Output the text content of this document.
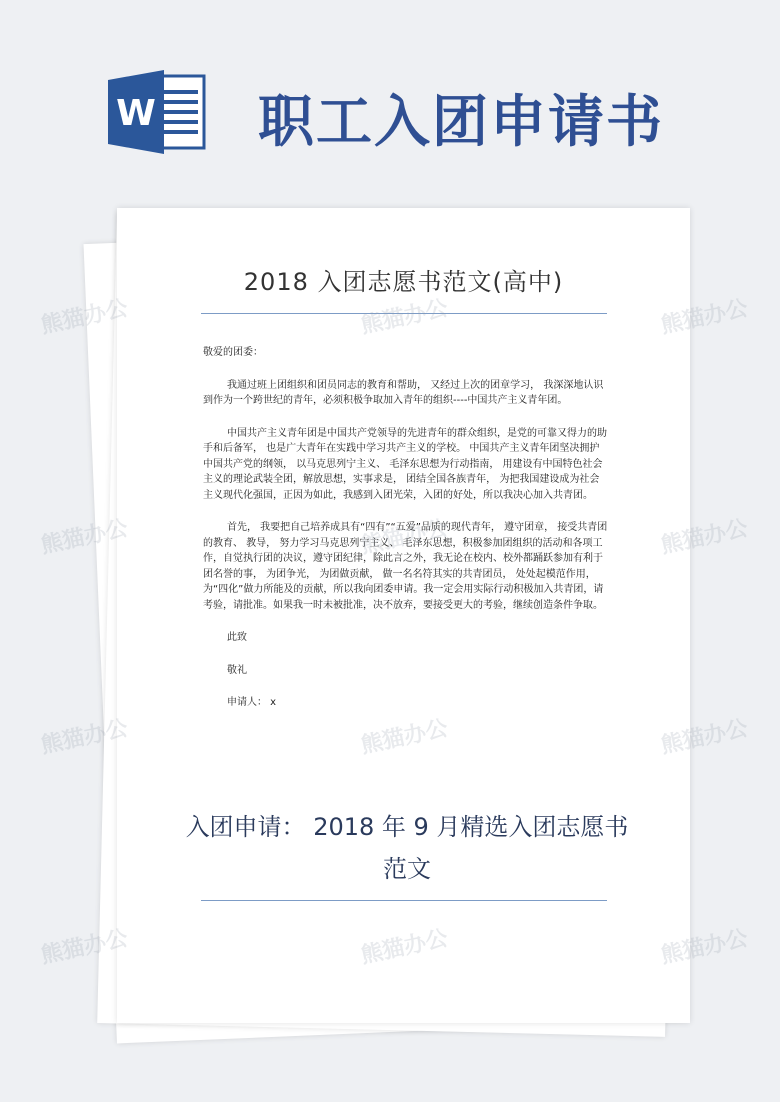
W 职工入团申请书
2018 入团志愿书范文(高中)

敬爱的团委：

我通过班上团组织和团员同志的教育和帮助， 又经过上次的团章学习， 我深深地认识到作为一个跨世纪的青年，必须积极争取加入青年的组织----中国共产主义青年团。

中国共产主义青年团是中国共产党领导的先进青年的群众组织，是党的可靠又得力的助手和后备军， 也是广大青年在实践中学习共产主义的学校。 中国共产主义青年团坚决拥护中国共产党的纲领， 以马克思列宁主义、 毛泽东思想为行动指南， 用建设有中国特色社会主义的理论武装全团，解放思想，实事求是， 团结全国各族青年， 为把我国建设成为社会主义现代化强国，正因为如此，我感到入团光荣，入团的好处，所以我决心加入共青团。

首先， 我要把自己培养成具有“四有”“五爱”品质的现代青年， 遵守团章， 接受共青团的教育、 教导， 努力学习马克思列宁主义、 毛泽东思想，积极参加团组织的活动和各项工作，自觉执行团的决议，遵守团纪律，除此言之外，我无论在校内、校外都踊跃参加有利于团名誉的事， 为团争光， 为团做贡献， 做一名名符其实的共青团员， 处处起模范作用， 为“四化”做力所能及的贡献，所以我向团委申请。我一定会用实际行动积极加入共青团，请考验，请批准。如果我一时未被批准，决不放弃，要接受更大的考验，继续创造条件争取。

此致

敬礼

申请人： x

入团申请： 2018 年 9 月精选入团志愿书范文
熊猫办公	熊猫办公	熊猫办公
熊猫办公	熊猫办公	熊猫办公
熊猫办公	熊猫办公	熊猫办公
熊猫办公	熊猫办公	熊猫办公
